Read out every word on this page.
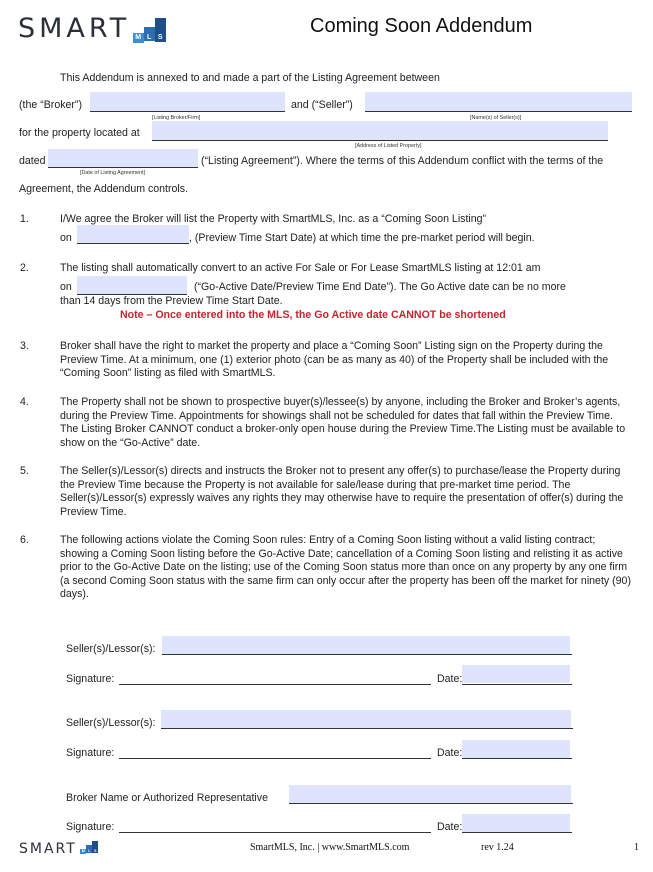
SMART M L S
Coming Soon Addendum
This Addendum is annexed to and made a part of the Listing Agreement between
(the “Broker”)
[Listing Broker/Firm]
and (“Seller”)
[Name(s) of Seller(s)]
for the property located at
[Address of Listed Property]
dated
[Date of Listing Agreement]
(“Listing Agreement”). Where the terms of this Addendum conflict with the terms of the
Agreement, the Addendum controls.
1.	I/We agree the Broker will list the Property with SmartMLS, Inc. as a “Coming Soon Listing”
on	, (Preview Time Start Date) at which time the pre-market period will begin.
2.	The listing shall automatically convert to an active For Sale or For Lease SmartMLS listing at 12:01 am
on	(“Go-Active Date/Preview Time End Date”). The Go Active date can be no more
than 14 days from the Preview Time Start Date.
Note – Once entered into the MLS, the Go Active date CANNOT be shortened
3.	Broker shall have the right to market the property and place a “Coming Soon” Listing sign on the Property during the Preview Time. At a minimum, one (1) exterior photo (can be as many as 40) of the Property shall be included with the “Coming Soon” listing as filed with SmartMLS.
4.	The Property shall not be shown to prospective buyer(s)/lessee(s) by anyone, including the Broker and Broker’s agents, during the Preview Time. Appointments for showings shall not be scheduled for dates that fall within the Preview Time. The Listing Broker CANNOT conduct a broker-only open house during the Preview Time.The Listing must be available to show on the “Go-Active” date.
5.	The Seller(s)/Lessor(s) directs and instructs the Broker not to present any offer(s) to purchase/lease the Property during the Preview Time because the Property is not available for sale/lease during that pre-market time period. The Seller(s)/Lessor(s) expressly waives any rights they may otherwise have to require the presentation of offer(s) during the Preview Time.
6.	The following actions violate the Coming Soon rules: Entry of a Coming Soon listing without a valid listing contract; showing a Coming Soon listing before the Go-Active Date; cancellation of a Coming Soon listing and relisting it as active prior to the Go-Active Date on the listing; use of the Coming Soon status more than once on any property by any one firm (a second Coming Soon status with the same firm can only occur after the property has been off the market for ninety (90) days).
Seller(s)/Lessor(s):
Signature:	Date:
Seller(s)/Lessor(s):
Signature:	Date:
Broker Name or Authorized Representative
Signature:	Date:
SMART M L S	SmartMLS, Inc. | www.SmartMLS.com	rev 1.24	1
